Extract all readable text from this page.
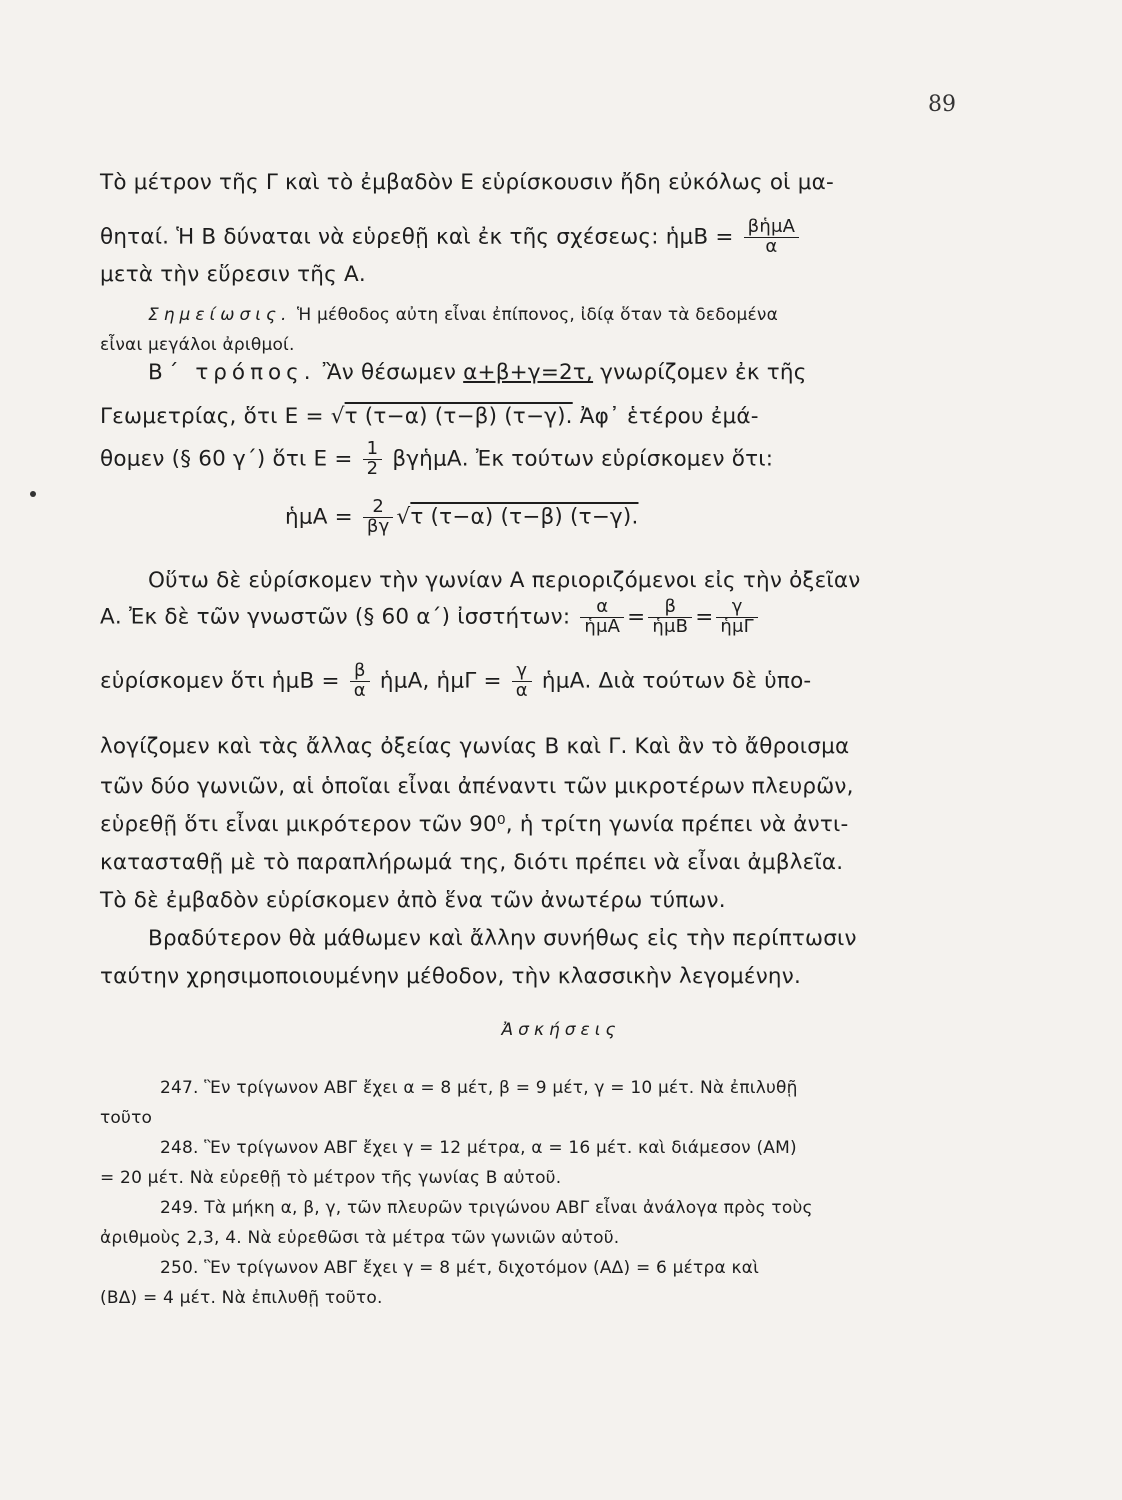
89
Τὸ μέτρον τῆς Γ καὶ τὸ ἐμβαδὸν Ε εὑρίσκουσιν ἤδη εὐκόλως οἱ μα-
θηταί. Ἡ Β δύναται νὰ εὑρεθῇ καὶ ἐκ τῆς σχέσεως: ἡμΒ = $\frac{\text{βἡμΑ}}{\alpha}$
μετὰ τὴν εὕρεσιν τῆς Α.
Σημείωσις. Ἡ μέθοδος αὐτη εἶναι ἐπίπονος, ἰδίᾳ ὅταν τὰ δεδομένα
εἶναι μεγάλοι ἀριθμοί.
Β΄ τρόπος. Ἂν θέσωμεν α+β+γ=2τ, γνωρίζομεν ἐκ τῆς
Γεωμετρίας, ὅτι Ε = √τ (τ−α) (τ−β) (τ−γ). Ἀφ᾽ ἑτέρου ἐμά-
θομεν (§ 60 γ΄) ὅτι $E = \frac{1}{2}$ βγἡμΑ. Ἐκ τούτων εὑρίσκομεν ὅτι:
ἡμΑ = $\frac{2}{\beta\gamma} √\tau$ (τ−α) (τ−β) (τ−γ).
Οὕτω δὲ εὑρίσκομεν τὴν γωνίαν Α περιοριζόμενοι εἰς τὴν ὀξεῖαν
Α. Ἐκ δὲ τῶν γνωστῶν (§ 60 α΄) ἰσστήτων: $\frac{\alpha}{\text{ἡμΑ}} = \frac{\beta}{\text{ἡμΒ}} = \frac{\gamma}{\text{ἡμΓ}}$
εὑρίσκομεν ὅτι ἡμΒ = $\frac{\beta}{\alpha}$ ἡμΑ, ἡμΓ = $\frac{\gamma}{\alpha}$ ἡμΑ. Διὰ τούτων δὲ ὑπο-
λογίζομεν καὶ τὰς ἄλλας ὀξείας γωνίας Β καὶ Γ. Καὶ ἂν τὸ ἄθροισμα
τῶν δύο γωνιῶν, αἱ ὁποῖαι εἶναι ἀπέναντι τῶν μικροτέρων πλευρῶν,
εὑρεθῇ ὅτι εἶναι μικρότερον τῶν 90⁰, ἡ τρίτη γωνία πρέπει νὰ ἀντι-
κατασταθῇ μὲ τὸ παραπλήρωμά της, διότι πρέπει νὰ εἶναι ἀμβλεῖα.
Τὸ δὲ ἐμβαδὸν εὑρίσκομεν ἀπὸ ἕνα τῶν ἀνωτέρω τύπων.
Βραδύτερον θὰ μάθωμεν καὶ ἄλλην συνήθως εἰς τὴν περίπτωσιν
ταύτην χρησιμοποιουμένην μέθοδον, τὴν κλασσικὴν λεγομένην.
Ἀσκήσεις
247. Ἓν τρίγωνον ΑΒΓ ἔχει α = 8 μέτ, β = 9 μέτ, γ = 10 μέτ. Νὰ ἐπιλυθῇ
τοῦτο
248. Ἓν τρίγωνον ΑΒΓ ἔχει γ = 12 μέτρα, α = 16 μέτ. καὶ διάμεσον (ΑΜ)
= 20 μέτ. Νὰ εὑρεθῇ τὸ μέτρον τῆς γωνίας Β αὐτοῦ.
249. Τὰ μήκη α, β, γ, τῶν πλευρῶν τριγώνου ΑΒΓ εἶναι ἀνάλογα πρὸς τοὺς
ἀριθμοὺς 2,3, 4. Νὰ εὑρεθῶσι τὰ μέτρα τῶν γωνιῶν αὐτοῦ.
250. Ἓν τρίγωνον ΑΒΓ ἔχει γ = 8 μέτ, διχοτόμον (ΑΔ) = 6 μέτρα καὶ
(ΒΔ) = 4 μέτ. Νὰ ἐπιλυθῇ τοῦτο.
